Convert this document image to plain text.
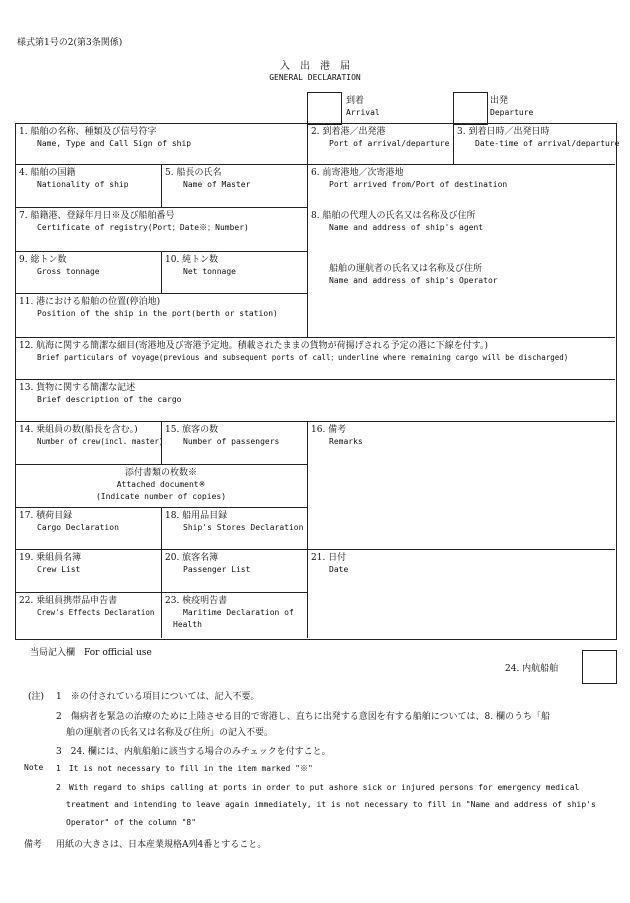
様式第1号の2(第3条関係)
入　出　港　届
GENERAL DECLARATION
到着
Arrival
出発
Departure
1. 船舶の名称、種類及び信号符字
Name, Type and Call Sign of ship
2. 到着港／出発港
Port of arrival/departure
3. 到着日時／出発日時
Date-time of arrival/departure
4. 船舶の国籍
Nationality of ship
5. 船長の氏名
Name of Master
6. 前寄港地／次寄港地
Port arrived from/Port of destination
7. 船籍港、登録年月日※及び船舶番号
Certificate of registry(Port；Date※；Number)
8. 船舶の代理人の氏名又は名称及び住所
Name and address of ship's agent
船舶の運航者の氏名又は名称及び住所
Name and address of ship's Operator
9. 総トン数
Gross tonnage
10. 純トン数
Net tonnage
11. 港における船舶の位置(停泊地)
Position of the ship in the port(berth or station)
12. 航海に関する簡潔な細目(寄港地及び寄港予定地。積載されたままの貨物が荷揚げされる予定の港に下線を付す。)
Brief particulars of voyage(previous and subsequent ports of call；underline where remaining cargo will be discharged)
13. 貨物に関する簡潔な記述
Brief description of the cargo
14. 乗組員の数(船長を含む。)
Number of crew(incl. master)
15. 旅客の数
Number of passengers
16. 備考
Remarks
添付書類の枚数※
Attached document※
(Indicate number of copies)
17. 積荷目録
Cargo Declaration
18. 船用品目録
Ship's Stores Declaration
19. 乗組員名簿
Crew List
20. 旅客名簿
Passenger List
21. 日付
Date
22. 乗組員携帯品申告書
Crew's Effects Declaration
23. 検疫明告書
Maritime Declaration of
Health
当局記入欄　For official use
24. 内航船舶
(注) 1　※の付されている項目については、記入不要。
2　傷病者を緊急の治療のために上陸させる目的で寄港し、直ちに出発する意図を有する船舶については、8. 欄のうち「船
舶の運航者の氏名又は名称及び住所」の記入不要。
3　24. 欄には、内航船舶に該当する場合のみチェックを付すこと。
Note 1　It is not necessary to fill in the item marked "※"
2　With regard to ships calling at ports in order to put ashore sick or injured persons for emergency medical
treatment and intending to leave again immediately, it is not necessary to fill in "Name and address of ship's
Operator" of the column "8"
備考 用紙の大きさは、日本産業規格A列4番とすること。
